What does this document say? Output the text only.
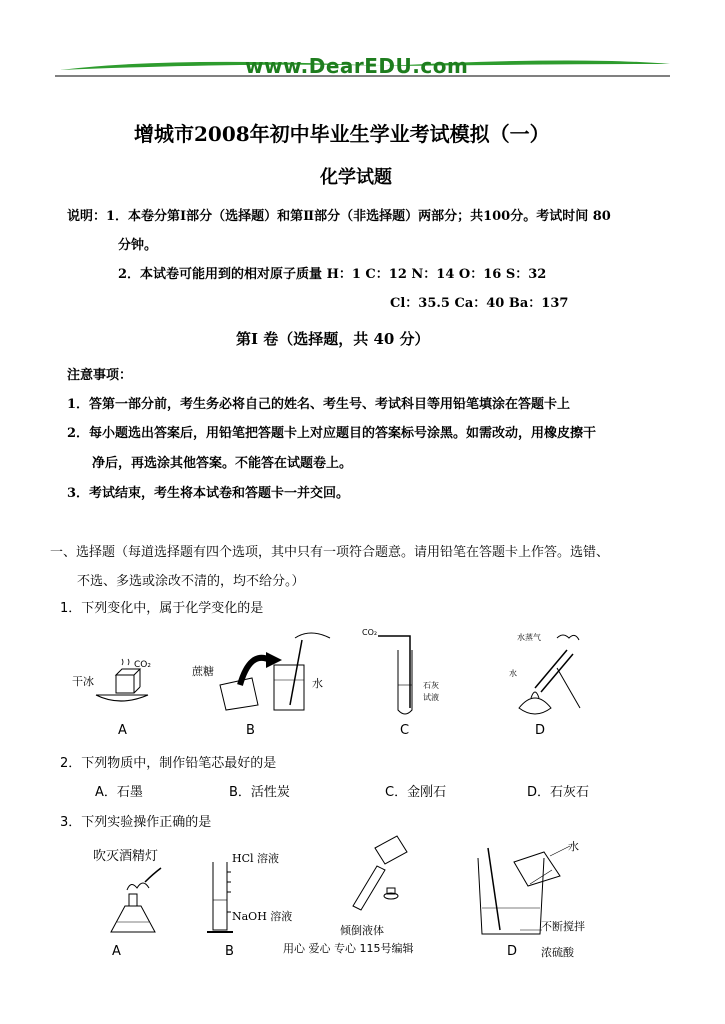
www.DearEDU.com
增城市2008年初中毕业生学业考试模拟（一）
化学试题
说明：1．本卷分第Ⅰ部分（选择题）和第Ⅱ部分（非选择题）两部分；共100分。考试时间 80
分钟。
2．本试卷可能用到的相对原子质量 H：1 C：12 N：14 O：16 S：32
Cl：35.5 Ca：40 Ba：137
第Ⅰ 卷（选择题，共 40 分）
注意事项：
1．答第一部分前，考生务必将自己的姓名、考生号、考试科目等用铅笔填涂在答题卡上
2．每小题选出答案后，用铅笔把答题卡上对应题目的答案标号涂黑。如需改动，用橡皮擦干
净后，再选涂其他答案。不能答在试题卷上。
3．考试结束，考生将本试卷和答题卡一并交回。
一、选择题（每道选择题有四个选项，其中只有一项符合题意。请用铅笔在答题卡上作答。选错、
不选、多选或涂改不清的，均不给分。）
1．下列变化中，属于化学变化的是
干冰
CO₂	蔗糖
水
CO₂
石灰
试液
水蒸气
水
A	B	C	D
2．下列物质中，制作铅笔芯最好的是
A．石墨	B．活性炭	C．金刚石	D．石灰石
3．下列实验操作正确的是
吹灭酒精灯	HCl 溶液
NaOH 溶液
倾倒液体
水
不断搅拌
浓硫酸
A	B	D
用心 爱心 专心 115号编辑
